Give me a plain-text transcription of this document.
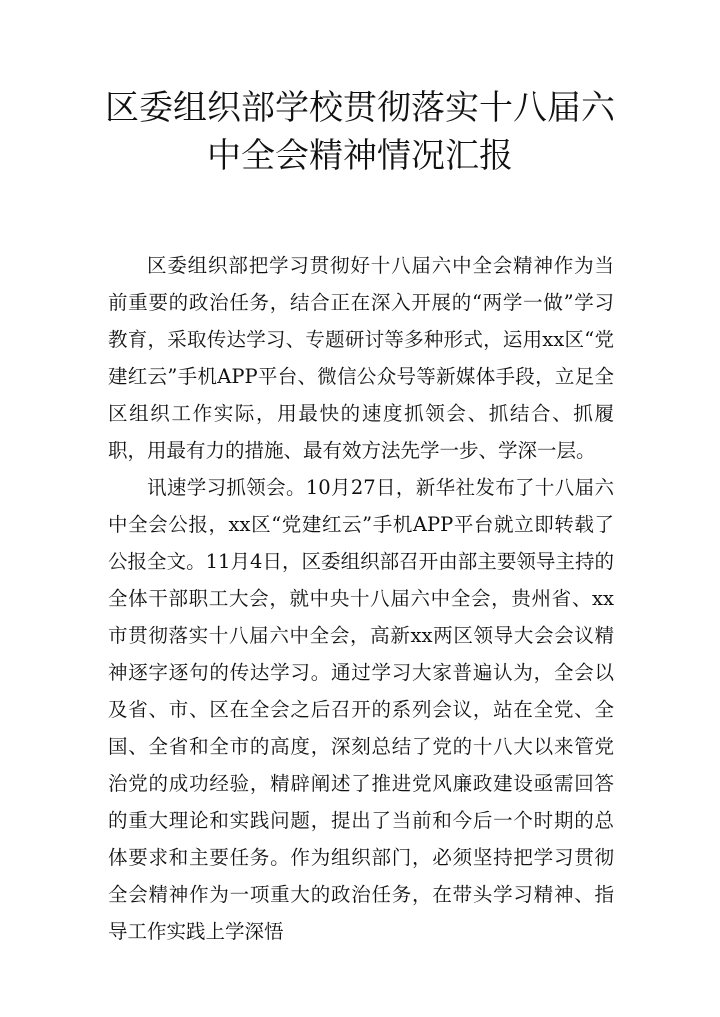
区委组织部学校贯彻落实十八届六中全会精神情况汇报

区委组织部把学习贯彻好十八届六中全会精神作为当前重要的政治任务，结合正在深入开展的“两学一做”学习教育，采取传达学习、专题研讨等多种形式，运用xx区“党建红云”手机APP平台、微信公众号等新媒体手段，立足全区组织工作实际，用最快的速度抓领会、抓结合、抓履职，用最有力的措施、最有效方法先学一步、学深一层。

讯速学习抓领会。10月27日，新华社发布了十八届六中全会公报，xx区“党建红云”手机APP平台就立即转载了公报全文。11月4日，区委组织部召开由部主要领导主持的全体干部职工大会，就中央十八届六中全会，贵州省、xx市贯彻落实十八届六中全会，高新xx两区领导大会会议精神逐字逐句的传达学习。通过学习大家普遍认为，全会以及省、市、区在全会之后召开的系列会议，站在全党、全国、全省和全市的高度，深刻总结了党的十八大以来管党治党的成功经验，精辟阐述了推进党风廉政建设亟需回答的重大理论和实践问题，提出了当前和今后一个时期的总体要求和主要任务。作为组织部门，必须坚持把学习贯彻全会精神作为一项重大的政治任务，在带头学习精神、指导工作实践上学深悟
